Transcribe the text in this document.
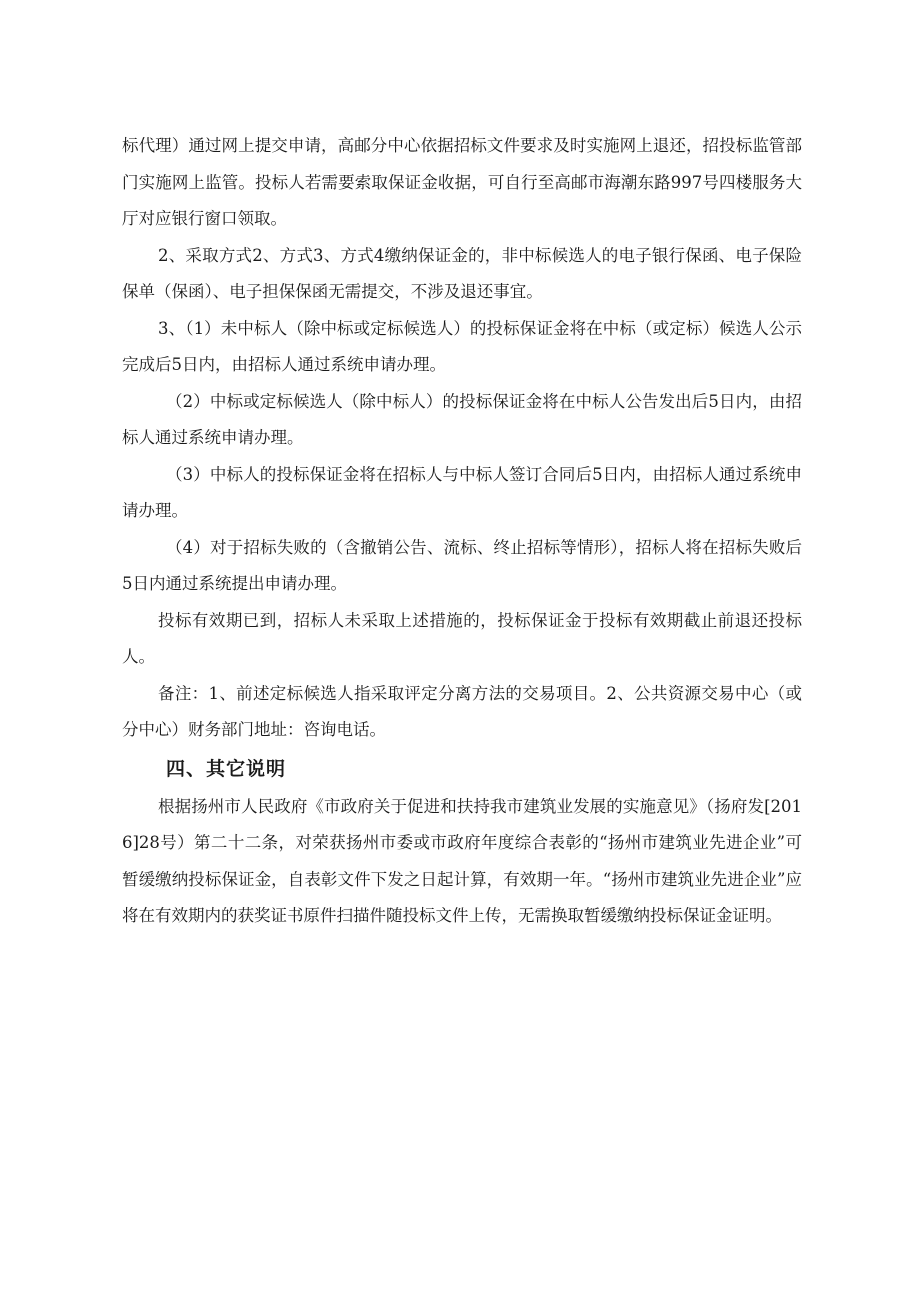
标代理）通过网上提交申请，高邮分中心依据招标文件要求及时实施网上退还，招投标监管部门实施网上监管。投标人若需要索取保证金收据，可自行至高邮市海潮东路997号四楼服务大厅对应银行窗口领取。

2、采取方式2、方式3、方式4缴纳保证金的，非中标候选人的电子银行保函、电子保险保单（保函）、电子担保保函无需提交，不涉及退还事宜。

3、（1）未中标人（除中标或定标候选人）的投标保证金将在中标（或定标）候选人公示完成后5日内，由招标人通过系统申请办理。

（2）中标或定标候选人（除中标人）的投标保证金将在中标人公告发出后5日内，由招标人通过系统申请办理。

（3）中标人的投标保证金将在招标人与中标人签订合同后5日内，由招标人通过系统申请办理。

（4）对于招标失败的（含撤销公告、流标、终止招标等情形），招标人将在招标失败后5日内通过系统提出申请办理。

投标有效期已到，招标人未采取上述措施的，投标保证金于投标有效期截止前退还投标人。

备注：1、前述定标候选人指采取评定分离方法的交易项目。2、公共资源交易中心（或分中心）财务部门地址：咨询电话。

四、其它说明

根据扬州市人民政府《市政府关于促进和扶持我市建筑业发展的实施意见》（扬府发[2016]28号）第二十二条，对荣获扬州市委或市政府年度综合表彰的“扬州市建筑业先进企业”可暂缓缴纳投标保证金，自表彰文件下发之日起计算，有效期一年。“扬州市建筑业先进企业”应将在有效期内的获奖证书原件扫描件随投标文件上传，无需换取暂缓缴纳投标保证金证明。
